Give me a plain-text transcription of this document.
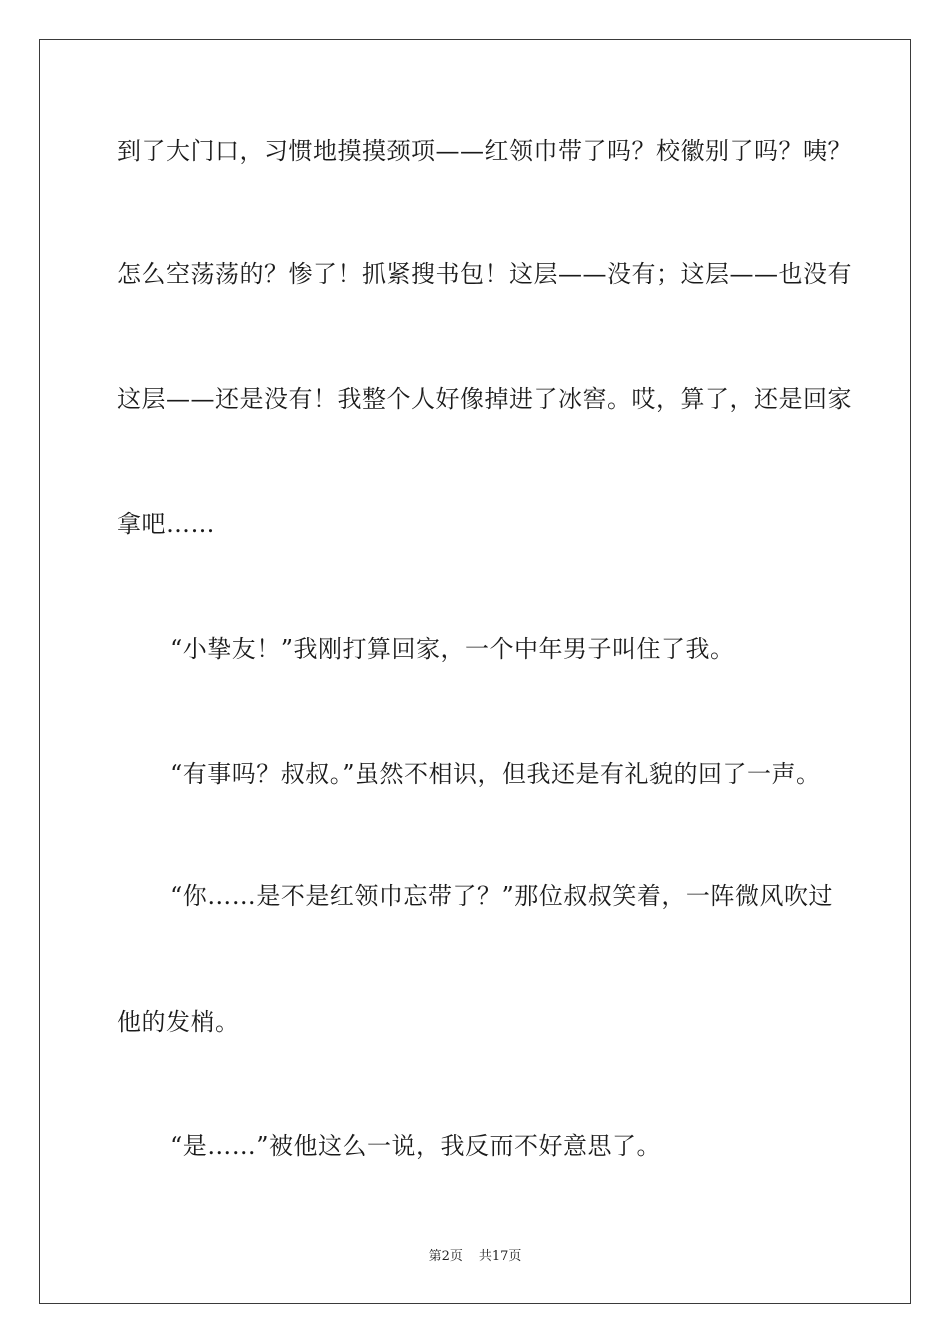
到了大门口，习惯地摸摸颈项——红领巾带了吗？校徽别了吗？咦？
怎么空荡荡的？惨了！抓紧搜书包！这层——没有；这层——也没有
这层——还是没有！我整个人好像掉进了冰窖。哎，算了，还是回家
拿吧……
“小挚友！”我刚打算回家，一个中年男子叫住了我。
“有事吗？叔叔。”虽然不相识，但我还是有礼貌的回了一声。
“你……是不是红领巾忘带了？”那位叔叔笑着，一阵微风吹过
他的发梢。
“是……”被他这么一说，我反而不好意思了。
第2页 共17页
